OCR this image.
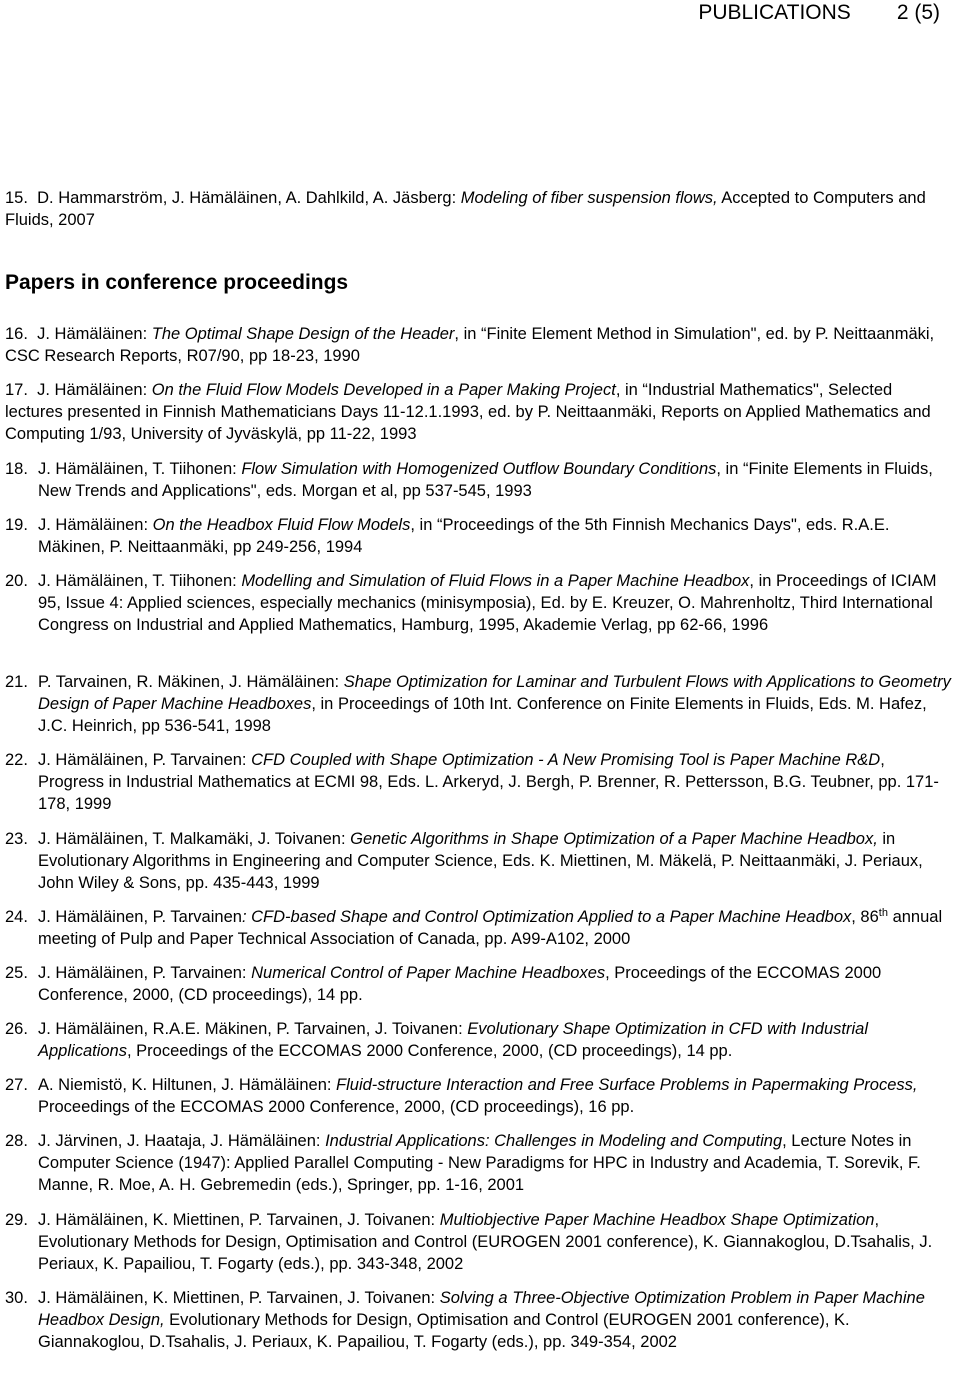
PUBLICATIONS 2 (5)
15. D. Hammarström, J. Hämäläinen, A. Dahlkild, A. Jäsberg: Modeling of fiber suspension flows, Accepted to Computers and Fluids, 2007
Papers in conference proceedings
16. J. Hämäläinen: The Optimal Shape Design of the Header, in “Finite Element Method in Simulation", ed. by P. Neittaanmäki, CSC Research Reports, R07/90, pp 18-23, 1990
17. J. Hämäläinen: On the Fluid Flow Models Developed in a Paper Making Project, in “Industrial Mathematics", Selected lectures presented in Finnish Mathematicians Days 11-12.1.1993, ed. by P. Neittaanmäki, Reports on Applied Mathematics and Computing 1/93, University of Jyväskylä, pp 11-22, 1993
18. J. Hämäläinen, T. Tiihonen: Flow Simulation with Homogenized Outflow Boundary Conditions, in “Finite Elements in Fluids, New Trends and Applications", eds. Morgan et al, pp 537-545, 1993
19. J. Hämäläinen: On the Headbox Fluid Flow Models, in “Proceedings of the 5th Finnish Mechanics Days", eds. R.A.E. Mäkinen, P. Neittaanmäki, pp 249-256, 1994
20. J. Hämäläinen, T. Tiihonen: Modelling and Simulation of Fluid Flows in a Paper Machine Headbox, in Proceedings of ICIAM 95, Issue 4: Applied sciences, especially mechanics (minisymposia), Ed. by E. Kreuzer, O. Mahrenholtz, Third International Congress on Industrial and Applied Mathematics, Hamburg, 1995, Akademie Verlag, pp 62-66, 1996
21. P. Tarvainen, R. Mäkinen, J. Hämäläinen: Shape Optimization for Laminar and Turbulent Flows with Applications to Geometry Design of Paper Machine Headboxes, in Proceedings of 10th Int. Conference on Finite Elements in Fluids, Eds. M. Hafez, J.C. Heinrich, pp 536-541, 1998
22. J. Hämäläinen, P. Tarvainen: CFD Coupled with Shape Optimization - A New Promising Tool is Paper Machine R&D, Progress in Industrial Mathematics at ECMI 98, Eds. L. Arkeryd, J. Bergh, P. Brenner, R. Pettersson, B.G. Teubner, pp. 171-178, 1999
23. J. Hämäläinen, T. Malkamäki, J. Toivanen: Genetic Algorithms in Shape Optimization of a Paper Machine Headbox, in Evolutionary Algorithms in Engineering and Computer Science, Eds. K. Miettinen, M. Mäkelä, P. Neittaanmäki, J. Periaux, John Wiley & Sons, pp. 435-443, 1999
24. J. Hämäläinen, P. Tarvainen: CFD-based Shape and Control Optimization Applied to a Paper Machine Headbox, 86th annual meeting of Pulp and Paper Technical Association of Canada, pp. A99-A102, 2000
25. J. Hämäläinen, P. Tarvainen: Numerical Control of Paper Machine Headboxes, Proceedings of the ECCOMAS 2000 Conference, 2000, (CD proceedings), 14 pp.
26. J. Hämäläinen, R.A.E. Mäkinen, P. Tarvainen, J. Toivanen: Evolutionary Shape Optimization in CFD with Industrial Applications, Proceedings of the ECCOMAS 2000 Conference, 2000, (CD proceedings), 14 pp.
27. A. Niemistö, K. Hiltunen, J. Hämäläinen: Fluid-structure Interaction and Free Surface Problems in Papermaking Process, Proceedings of the ECCOMAS 2000 Conference, 2000, (CD proceedings), 16 pp.
28. J. Järvinen, J. Haataja, J. Hämäläinen: Industrial Applications: Challenges in Modeling and Computing, Lecture Notes in Computer Science (1947): Applied Parallel Computing - New Paradigms for HPC in Industry and Academia, T. Sorevik, F. Manne, R. Moe, A. H. Gebremedin (eds.), Springer, pp. 1-16, 2001
29. J. Hämäläinen, K. Miettinen, P. Tarvainen, J. Toivanen: Multiobjective Paper Machine Headbox Shape Optimization, Evolutionary Methods for Design, Optimisation and Control (EUROGEN 2001 conference), K. Giannakoglou, D.Tsahalis, J. Periaux, K. Papailiou, T. Fogarty (eds.), pp. 343-348, 2002
30. J. Hämäläinen, K. Miettinen, P. Tarvainen, J. Toivanen: Solving a Three-Objective Optimization Problem in Paper Machine Headbox Design, Evolutionary Methods for Design, Optimisation and Control (EUROGEN 2001 conference), K. Giannakoglou, D.Tsahalis, J. Periaux, K. Papailiou, T. Fogarty (eds.), pp. 349-354, 2002
